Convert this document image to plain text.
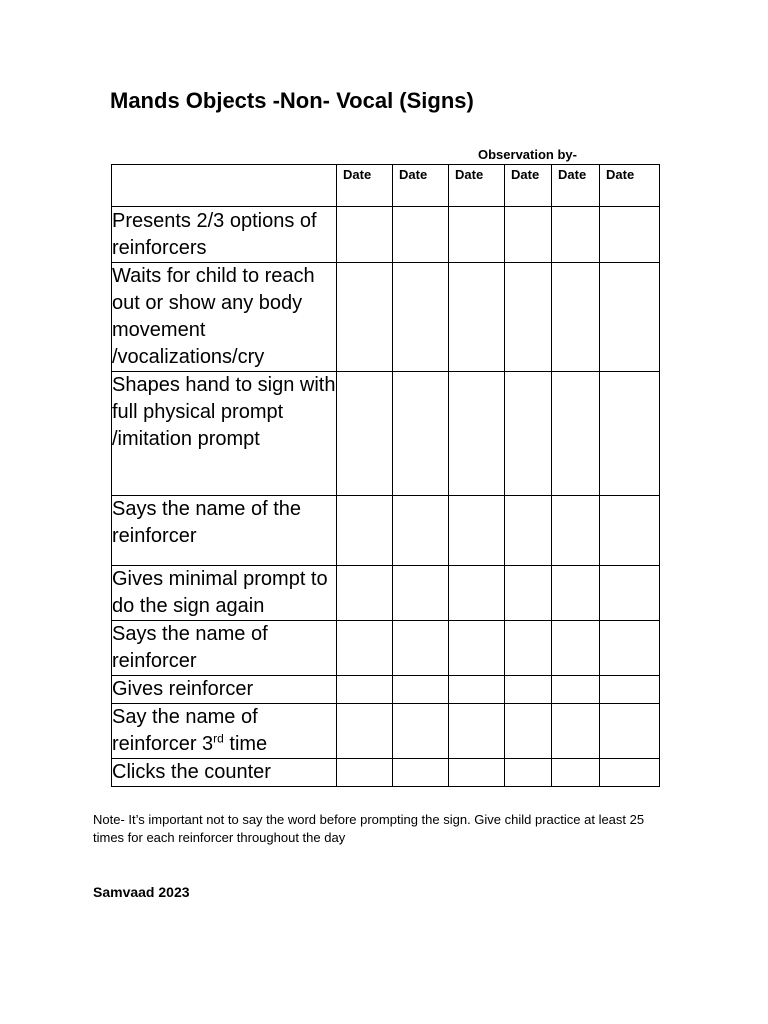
Mands Objects -Non- Vocal (Signs)
Observation by-
	Date	Date	Date	Date	Date	Date
Presents 2/3 options of reinforcers						
Waits for child to reach out or show any body movement /vocalizations/cry						
Shapes hand to sign with full physical prompt /imitation prompt						
Says the name of the reinforcer						
Gives minimal prompt to do the sign again						
Says the name of reinforcer						
Gives reinforcer						
Say the name of reinforcer 3rd time						
Clicks the counter						
Note- It’s important not to say the word before prompting the sign. Give child practice at least 25 times for each reinforcer throughout the day
Samvaad 2023
